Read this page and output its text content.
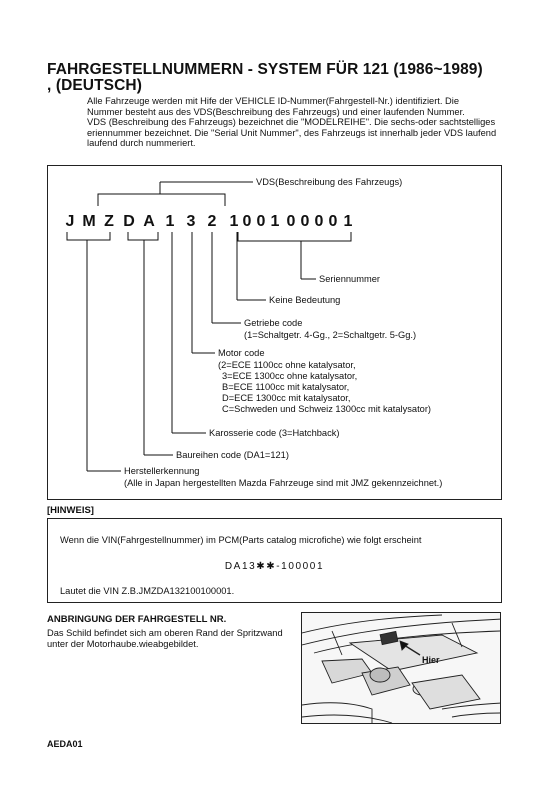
FAHRGESTELLNUMMERN - SYSTEM FÜR 121 (1986~1989)
, (DEUTSCH)

Alle Fahrzeuge werden mit Hife der VEHICLE ID-Nummer(Fahrgestell-Nr.) identifiziert. Die Nummer besteht aus des VDS(Beschreibung des Fahrzeugs) und einer laufenden Nummer.

VDS (Beschreibung des Fahrzeugs) bezeichnet die "MODELREIHE". Die sechs-oder sachtstelliges eriennummer bezeichnet. Die "Serial Unit Nummer", des Fahrzeugs ist innerhalb jeder VDS laufend laufend durch nummeriert.

J M Z D A 1 3 2 1 0 0 1 0 0 0 0 1
VDS(Beschreibung des Fahrzeugs)
Seriennummer
Keine Bedeutung
Getriebe code
(1=Schaltgetr. 4-Gg., 2=Schaltgetr. 5-Gg.)
Motor code
(2=ECE 1100cc ohne katalysator,
3=ECE 1300cc ohne katalysator,
B=ECE 1100cc mit katalysator,
D=ECE 1300cc mit katalysator,
C=Schweden und Schweiz 1300cc mit katalysator)
Karosserie code (3=Hatchback)
Baureihen code (DA1=121)
Herstellerkennung
(Alle in Japan hergestellten Mazda Fahrzeuge sind mit JMZ gekennzeichnet.)
[HINWEIS]
Wenn die VIN(Fahrgestellnummer) im PCM(Parts catalog microfiche) wie folgt erscheint
DA13✱✱-100001
Lautet die VIN Z.B.JMZDA132100100001.
ANBRINGUNG DER FAHRGESTELL NR.
Das Schild befindet sich am oberen Rand der Spritzwand unter der Motorhaube.wieabgebildet.
Hier
AEDA01
